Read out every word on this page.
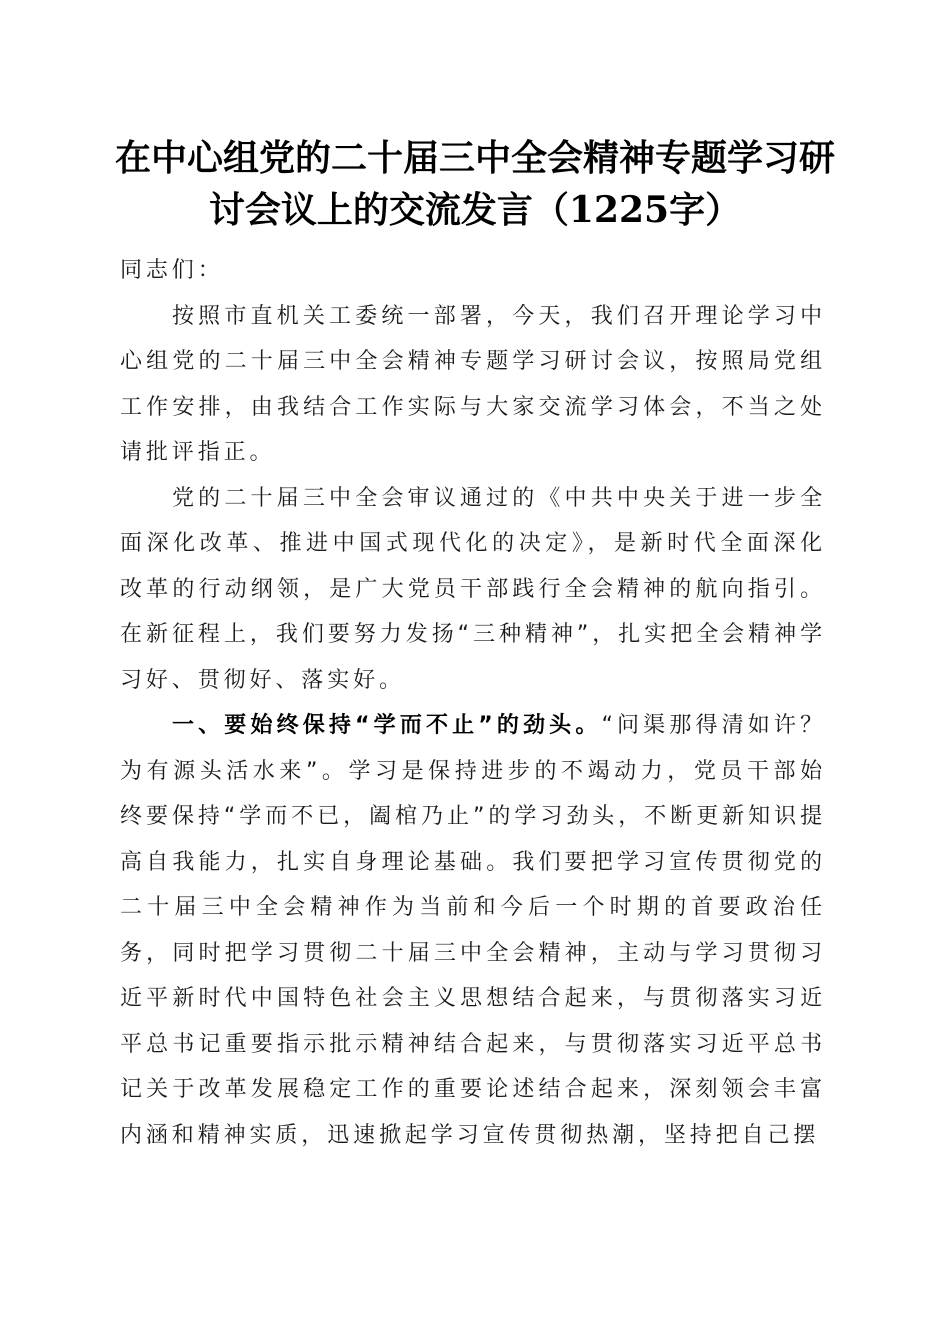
在中心组党的二十届三中全会精神专题学习研
讨会议上的交流发言（1225字）

同志们：

按照市直机关工委统一部署，今天，我们召开理论学习中心组党的二十届三中全会精神专题学习研讨会议，按照局党组工作安排，由我结合工作实际与大家交流学习体会，不当之处请批评指正。

党的二十届三中全会审议通过的《中共中央关于进一步全面深化改革、推进中国式现代化的决定》，是新时代全面深化改革的行动纲领，是广大党员干部践行全会精神的航向指引。在新征程上，我们要努力发扬“三种精神”，扎实把全会精神学习好、贯彻好、落实好。

一、要始终保持“学而不止”的劲头。“问渠那得清如许？为有源头活水来”。学习是保持进步的不竭动力，党员干部始终要保持“学而不已，阖棺乃止”的学习劲头，不断更新知识提高自我能力，扎实自身理论基础。我们要把学习宣传贯彻党的二十届三中全会精神作为当前和今后一个时期的首要政治任务，同时把学习贯彻二十届三中全会精神，主动与学习贯彻习近平新时代中国特色社会主义思想结合起来，与贯彻落实习近平总书记重要指示批示精神结合起来，与贯彻落实习近平总书记关于改革发展稳定工作的重要论述结合起来，深刻领会丰富内涵和精神实质，迅速掀起学习宣传贯彻热潮，坚持把自己摆
